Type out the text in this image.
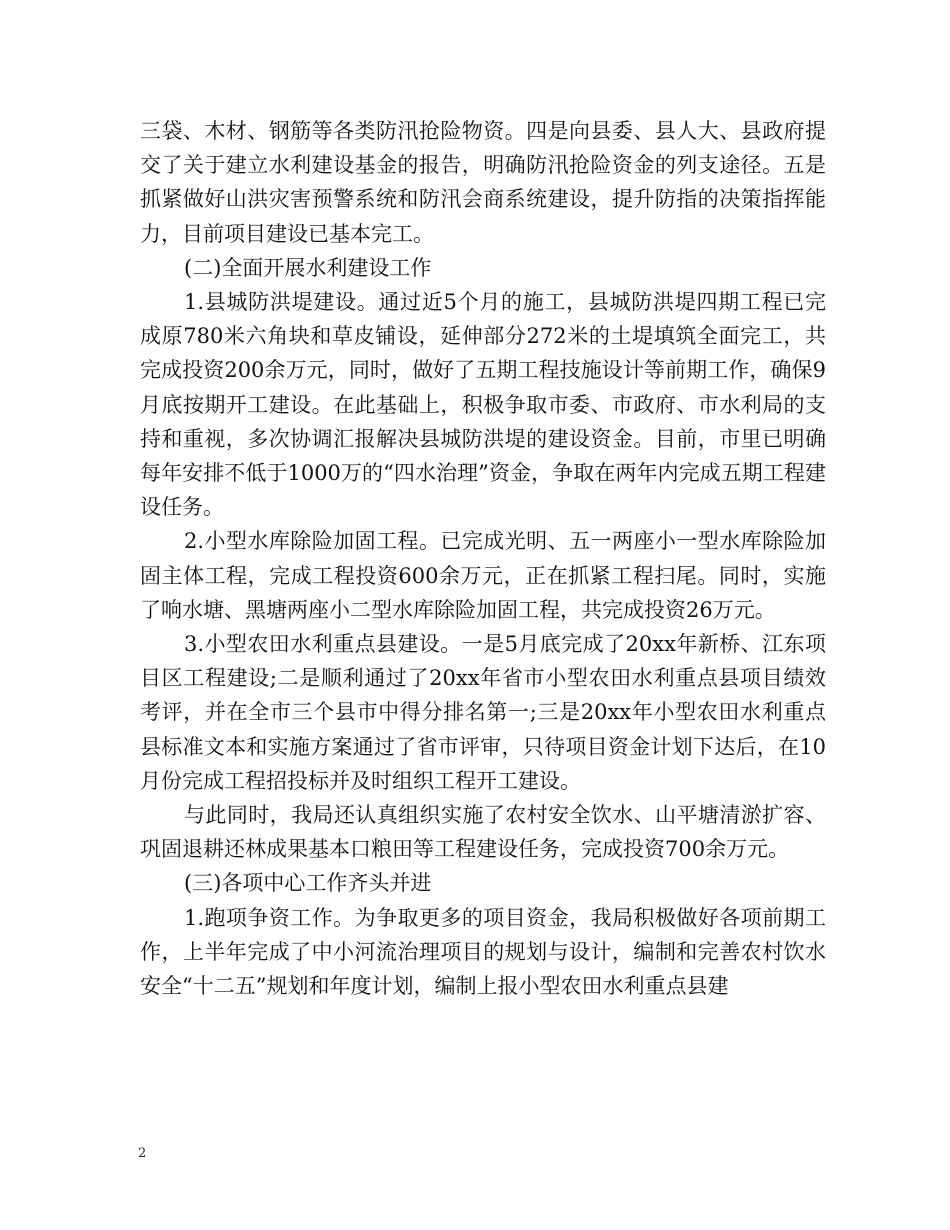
三袋、木材、钢筋等各类防汛抢险物资。四是向县委、县人大、县政府提交了关于建立水利建设基金的报告，明确防汛抢险资金的列支途径。五是抓紧做好山洪灾害预警系统和防汛会商系统建设，提升防指的决策指挥能力，目前项目建设已基本完工。

(二)全面开展水利建设工作

1.县城防洪堤建设。通过近5个月的施工，县城防洪堤四期工程已完成原780米六角块和草皮铺设，延伸部分272米的土堤填筑全面完工，共完成投资200余万元，同时，做好了五期工程技施设计等前期工作，确保9月底按期开工建设。在此基础上，积极争取市委、市政府、市水利局的支持和重视，多次协调汇报解决县城防洪堤的建设资金。目前，市里已明确每年安排不低于1000万的“四水治理”资金，争取在两年内完成五期工程建设任务。

2.小型水库除险加固工程。已完成光明、五一两座小一型水库除险加固主体工程，完成工程投资600余万元，正在抓紧工程扫尾。同时，实施了响水塘、黑塘两座小二型水库除险加固工程，共完成投资26万元。

3.小型农田水利重点县建设。一是5月底完成了20xx年新桥、江东项目区工程建设;二是顺利通过了20xx年省市小型农田水利重点县项目绩效考评，并在全市三个县市中得分排名第一;三是20xx年小型农田水利重点县标准文本和实施方案通过了省市评审，只待项目资金计划下达后，在10月份完成工程招投标并及时组织工程开工建设。

与此同时，我局还认真组织实施了农村安全饮水、山平塘清淤扩容、巩固退耕还林成果基本口粮田等工程建设任务，完成投资700余万元。

(三)各项中心工作齐头并进

1.跑项争资工作。为争取更多的项目资金，我局积极做好各项前期工作，上半年完成了中小河流治理项目的规划与设计，编制和完善农村饮水安全“十二五”规划和年度计划，编制上报小型农田水利重点县建

2
